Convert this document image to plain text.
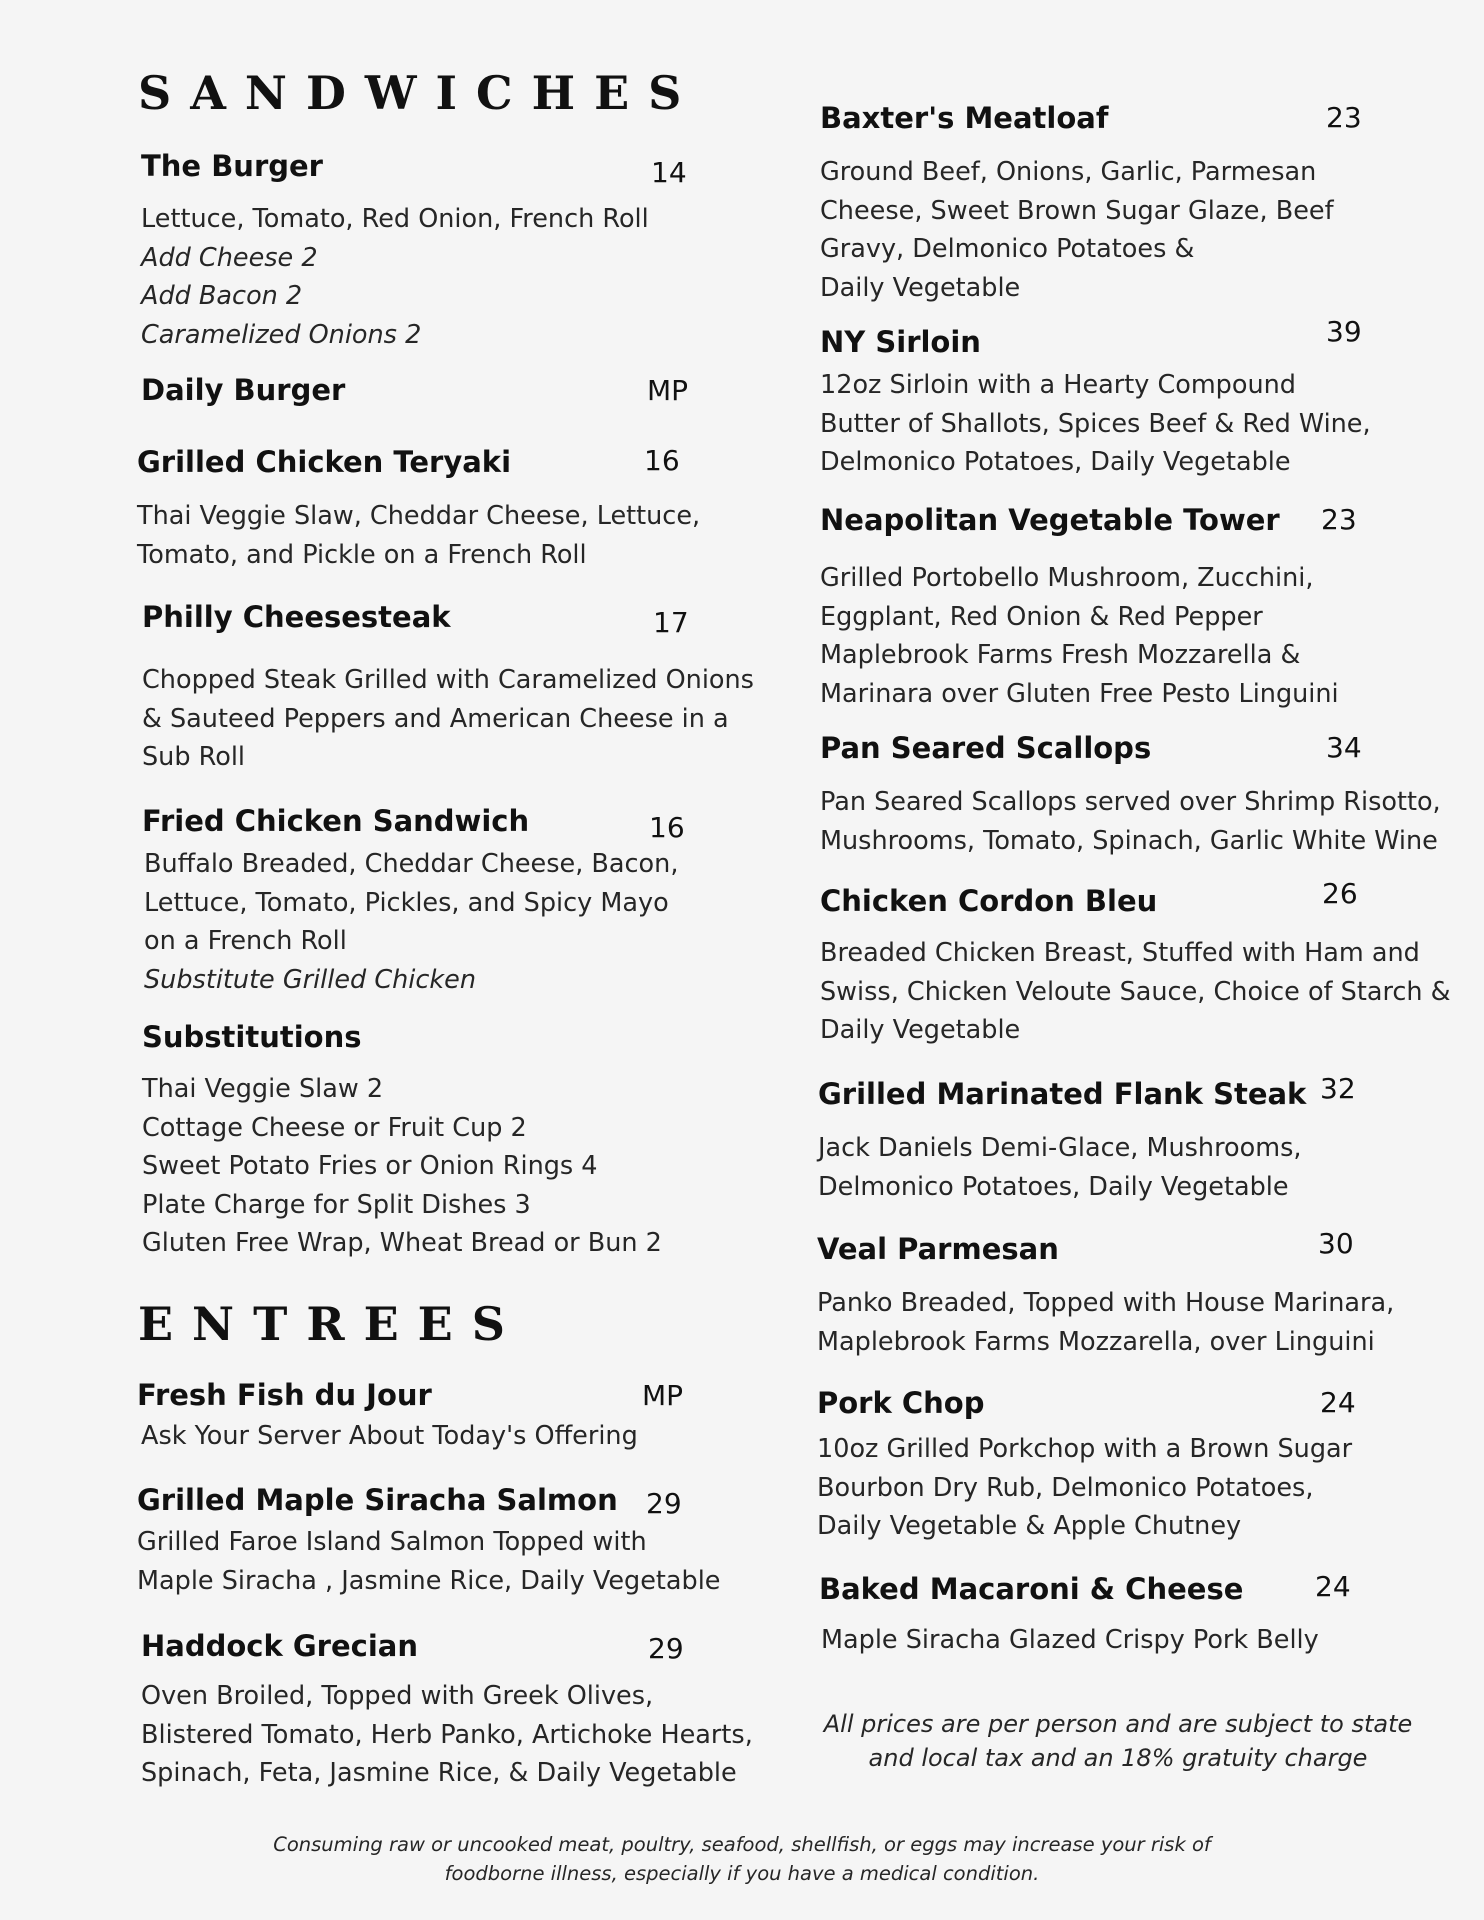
SANDWICHES
The Burger	14
Lettuce, Tomato, Red Onion, French Roll
Add Cheese 2
Add Bacon 2
Caramelized Onions 2
Daily Burger	MP
Grilled Chicken Teryaki	16
Thai Veggie Slaw, Cheddar Cheese, Lettuce,
Tomato, and Pickle on a French Roll
Philly Cheesesteak	17
Chopped Steak Grilled with Caramelized Onions
& Sauteed Peppers and American Cheese in a
Sub Roll
Fried Chicken Sandwich	16
Buffalo Breaded, Cheddar Cheese, Bacon,
Lettuce, Tomato, Pickles, and Spicy Mayo
on a French Roll
Substitute Grilled Chicken
Substitutions
Thai Veggie Slaw 2
Cottage Cheese or Fruit Cup 2
Sweet Potato Fries or Onion Rings 4
Plate Charge for Split Dishes 3
Gluten Free Wrap, Wheat Bread or Bun 2
ENTREES
Fresh Fish du Jour	MP
Ask Your Server About Today's Offering
Grilled Maple Siracha Salmon 29
Grilled Faroe Island Salmon Topped with
Maple Siracha , Jasmine Rice, Daily Vegetable
Haddock Grecian	29
Oven Broiled, Topped with Greek Olives,
Blistered Tomato, Herb Panko, Artichoke Hearts,
Spinach, Feta, Jasmine Rice, & Daily Vegetable
Baxter's Meatloaf	23
Ground Beef, Onions, Garlic, Parmesan
Cheese, Sweet Brown Sugar Glaze, Beef
Gravy, Delmonico Potatoes &
Daily Vegetable
NY Sirloin	39
12oz Sirloin with a Hearty Compound
Butter of Shallots, Spices Beef & Red Wine,
Delmonico Potatoes, Daily Vegetable
Neapolitan Vegetable Tower 23
Grilled Portobello Mushroom, Zucchini,
Eggplant, Red Onion & Red Pepper
Maplebrook Farms Fresh Mozzarella &
Marinara over Gluten Free Pesto Linguini
Pan Seared Scallops	34
Pan Seared Scallops served over Shrimp Risotto,
Mushrooms, Tomato, Spinach, Garlic White Wine
Chicken Cordon Bleu	26
Breaded Chicken Breast, Stuffed with Ham and
Swiss, Chicken Veloute Sauce, Choice of Starch &
Daily Vegetable
Grilled Marinated Flank Steak 32
Jack Daniels Demi-Glace, Mushrooms,
Delmonico Potatoes, Daily Vegetable
Veal Parmesan	30
Panko Breaded, Topped with House Marinara,
Maplebrook Farms Mozzarella, over Linguini
Pork Chop	24
10oz Grilled Porkchop with a Brown Sugar
Bourbon Dry Rub, Delmonico Potatoes,
Daily Vegetable & Apple Chutney
Baked Macaroni & Cheese	24
Maple Siracha Glazed Crispy Pork Belly
All prices are per person and are subject to state
and local tax and an 18% gratuity charge
Consuming raw or uncooked meat, poultry, seafood, shellfish, or eggs may increase your risk of
foodborne illness, especially if you have a medical condition.
